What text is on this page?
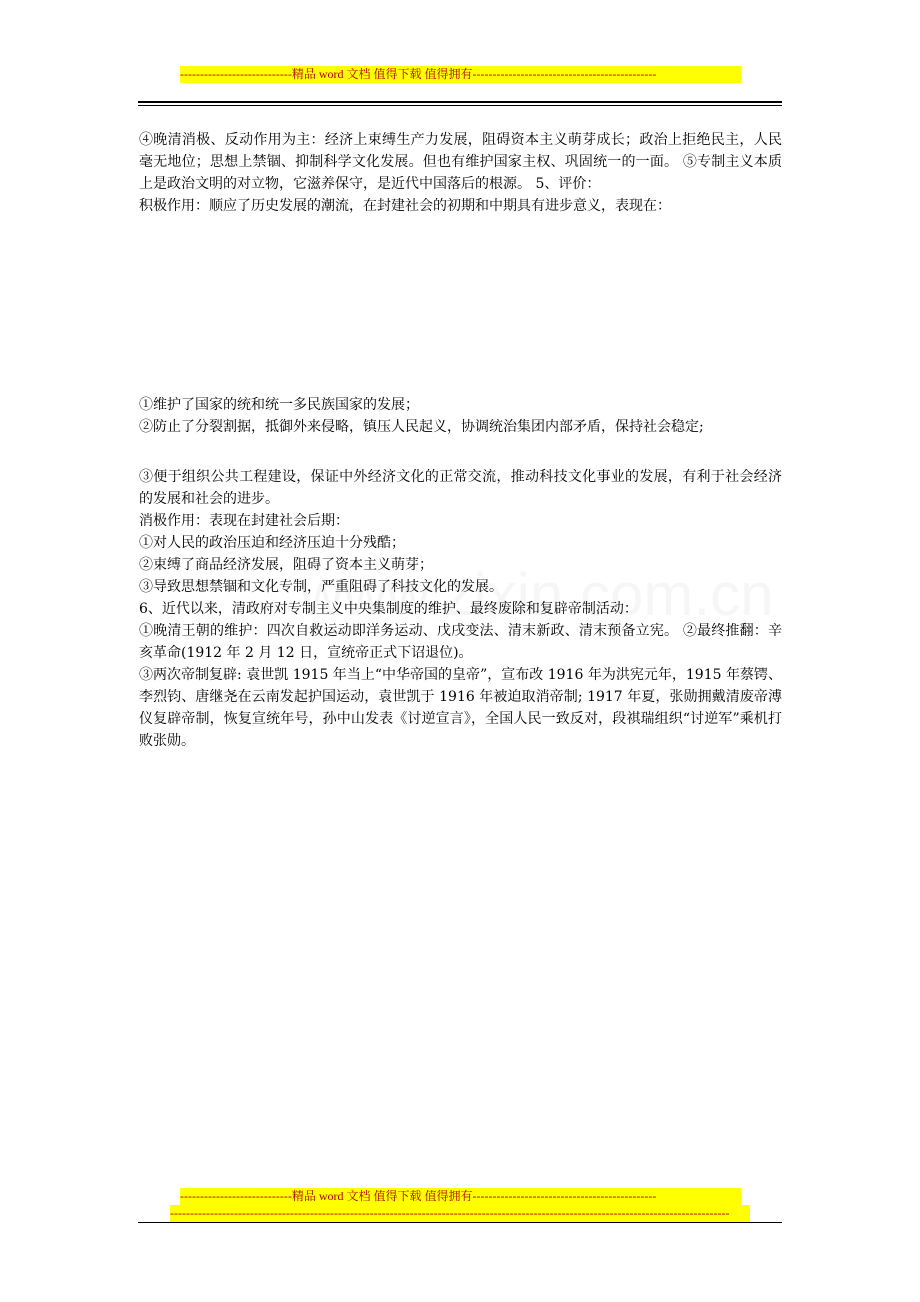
----------------------------精品 word 文档 值得下载 值得拥有----------------------------------------------

④晚清消极、反动作用为主：经济上束缚生产力发展，阻碍资本主义萌芽成长；政治上拒绝民主，人民毫无地位；思想上禁锢、抑制科学文化发展。但也有维护国家主权、巩固统一的一面。 ⑤专制主义本质上是政治文明的对立物，它滋养保守，是近代中国落后的根源。 5、评价：

积极作用：顺应了历史发展的潮流，在封建社会的初期和中期具有进步意义，表现在：

①维护了国家的统和统一多民族国家的发展；

②防止了分裂割据，抵御外来侵略，镇压人民起义，协调统治集团内部矛盾，保持社会稳定;

③便于组织公共工程建设，保证中外经济文化的正常交流，推动科技文化事业的发展，有利于社会经济的发展和社会的进步。

消极作用：表现在封建社会后期：

①对人民的政治压迫和经济压迫十分残酷；

②束缚了商品经济发展，阻碍了资本主义萌芽；

③导致思想禁锢和文化专制，严重阻碍了科技文化的发展。

6、近代以来，清政府对专制主义中央集制度的维护、最终废除和复辟帝制活动：

①晚清王朝的维护：四次自救运动即洋务运动、戊戌变法、清末新政、清末预备立宪。 ②最终推翻：辛亥革命(1912 年 2 月 12 日，宣统帝正式下诏退位)。

③两次帝制复辟: 袁世凯 1915 年当上“中华帝国的皇帝”，宣布改 1916 年为洪宪元年，1915 年蔡锷、李烈钧、唐继尧在云南发起护国运动，袁世凯于 1916 年被迫取消帝制; 1917 年夏，张勋拥戴清废帝溥仪复辟帝制，恢复宣统年号，孙中山发表《讨逆宣言》，全国人民一致反对，段祺瑞组织“讨逆军”乘机打败张勋。

----------------------------精品 word 文档 值得下载 值得拥有----------------------------------------------
--------------------------------------------------------------------------------------------------------------------------------------------
